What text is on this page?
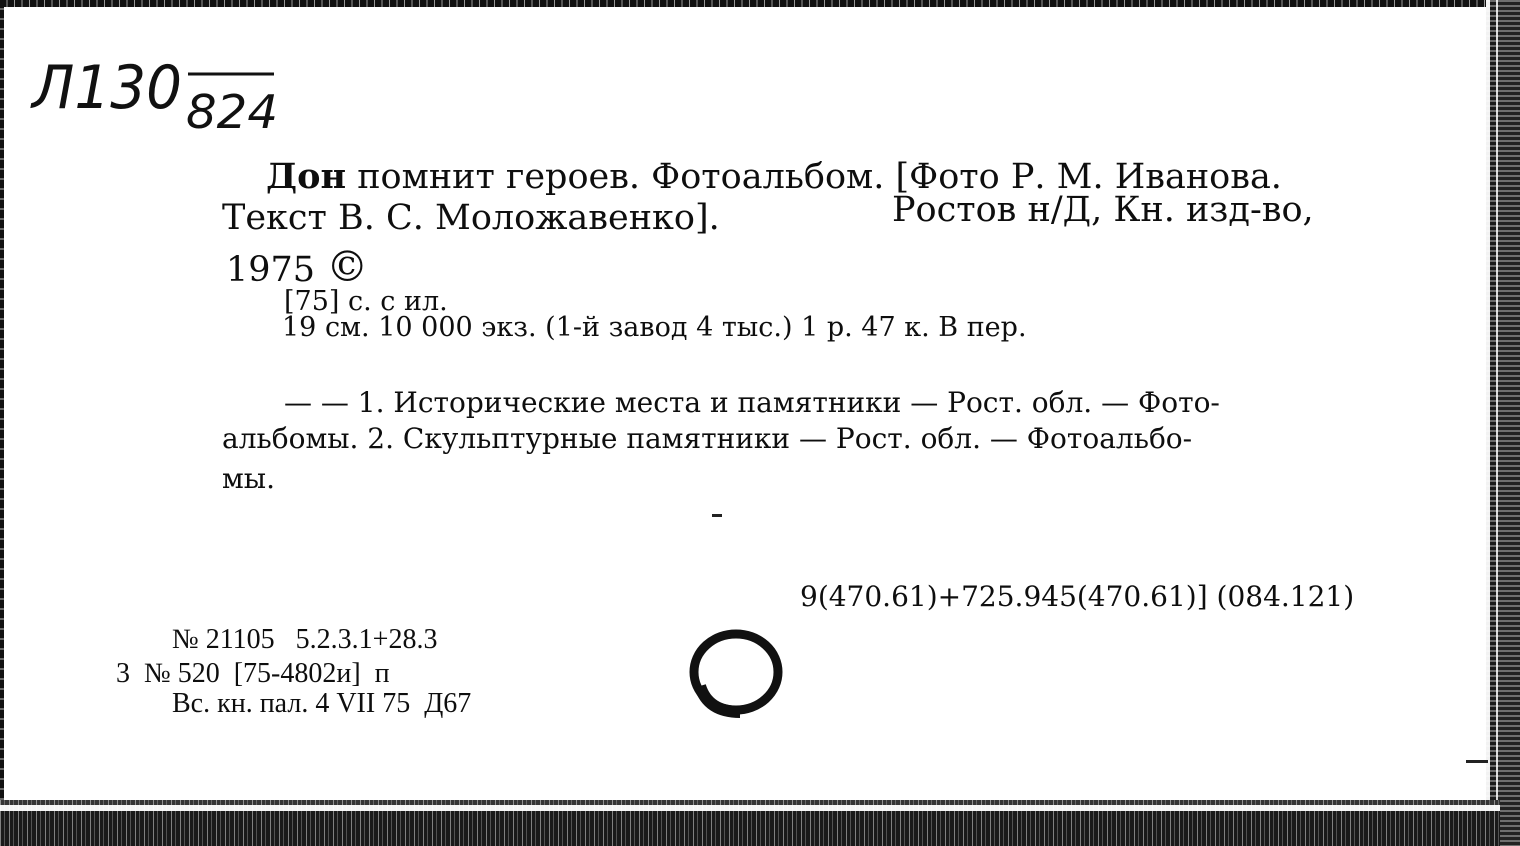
Л130 824

Дон помнит героев. Фотоальбом. [Фото Р. М. Иванова.

Текст В. С. Моложавенко].	Ростов н/Д, Кн. изд-во,

1975 ©

[75] с. с ил.

19 см. 10 000 экз. (1-й завод 4 тыс.) 1 р. 47 к. В пер.

— — 1. Исторические места и памятники — Рост. обл. — Фото-

альбомы. 2. Скульптурные памятники — Рост. обл. — Фотоальбо-

мы.

9(470.61)+725.945(470.61)] (084.121)

№ 21105   5.2.3.1+28.3

3  № 520  [75-4802и]  п

Вс. кн. пал. 4 VII 75  Д67
